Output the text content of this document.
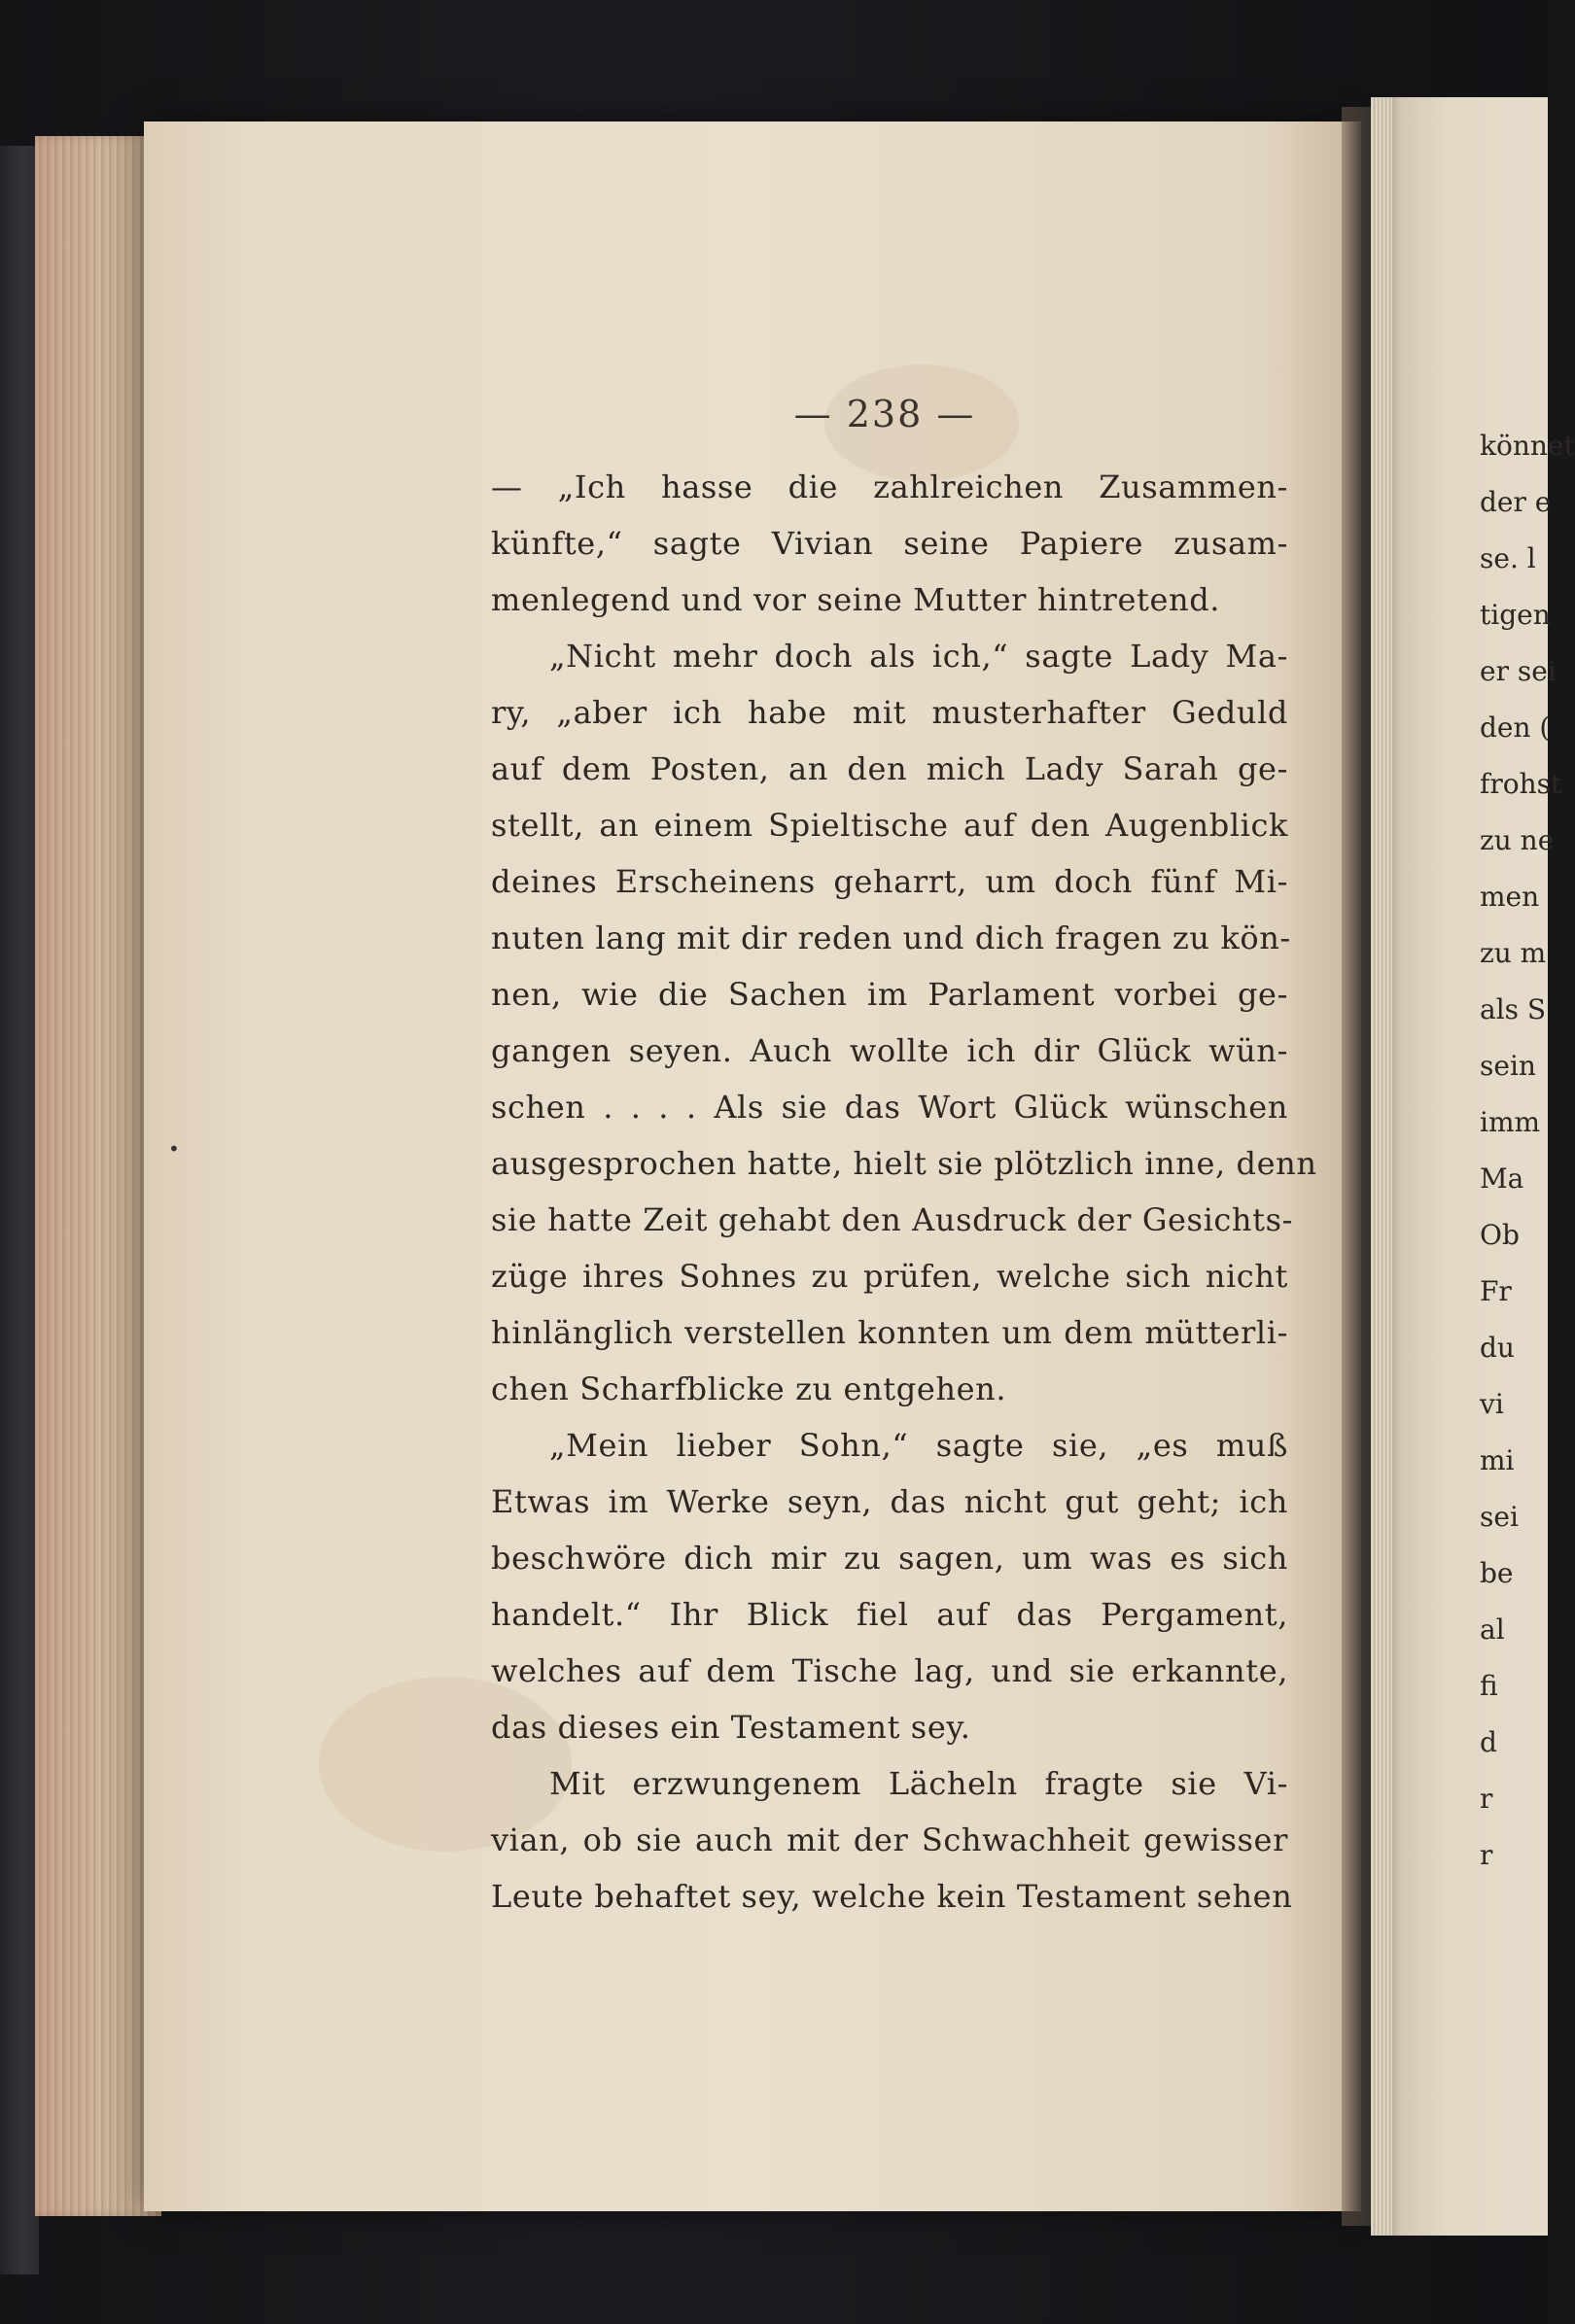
•
— 238 —
— „Ich hasse die zahlreichen Zusammen-
künfte,“ sagte Vivian seine Papiere zusam-
menlegend und vor seine Mutter hintretend.
„Nicht mehr doch als ich,“ sagte Lady Ma-
ry, „aber ich habe mit musterhafter Geduld
auf dem Posten, an den mich Lady Sarah ge-
stellt, an einem Spieltische auf den Augenblick
deines Erscheinens geharrt, um doch fünf Mi-
nuten lang mit dir reden und dich fragen zu kön-
nen, wie die Sachen im Parlament vorbei ge-
gangen seyen. Auch wollte ich dir Glück wün-
schen . . . . Als sie das Wort Glück wünschen
ausgesprochen hatte, hielt sie plötzlich inne, denn
sie hatte Zeit gehabt den Ausdruck der Gesichts-
züge ihres Sohnes zu prüfen, welche sich nicht
hinlänglich verstellen konnten um dem mütterli-
chen Scharfblicke zu entgehen.
„Mein lieber Sohn,“ sagte sie, „es muß
Etwas im Werke seyn, das nicht gut geht; ich
beschwöre dich mir zu sagen, um was es sich
handelt.“ Ihr Blick fiel auf das Pergament,
welches auf dem Tische lag, und sie erkannte,
das dieses ein Testament sey.
Mit erzwungenem Lächeln fragte sie Vi-
vian, ob sie auch mit der Schwachheit gewisser
Leute behaftet sey, welche kein Testament sehen
könnet
der e
se. l
tigen
er sei
den (
frohst
zu ne
men
zu m
als S
sein
imm
Ma
Ob
Fr
du
vi
mi
sei
be
al
fi
d
r
r
